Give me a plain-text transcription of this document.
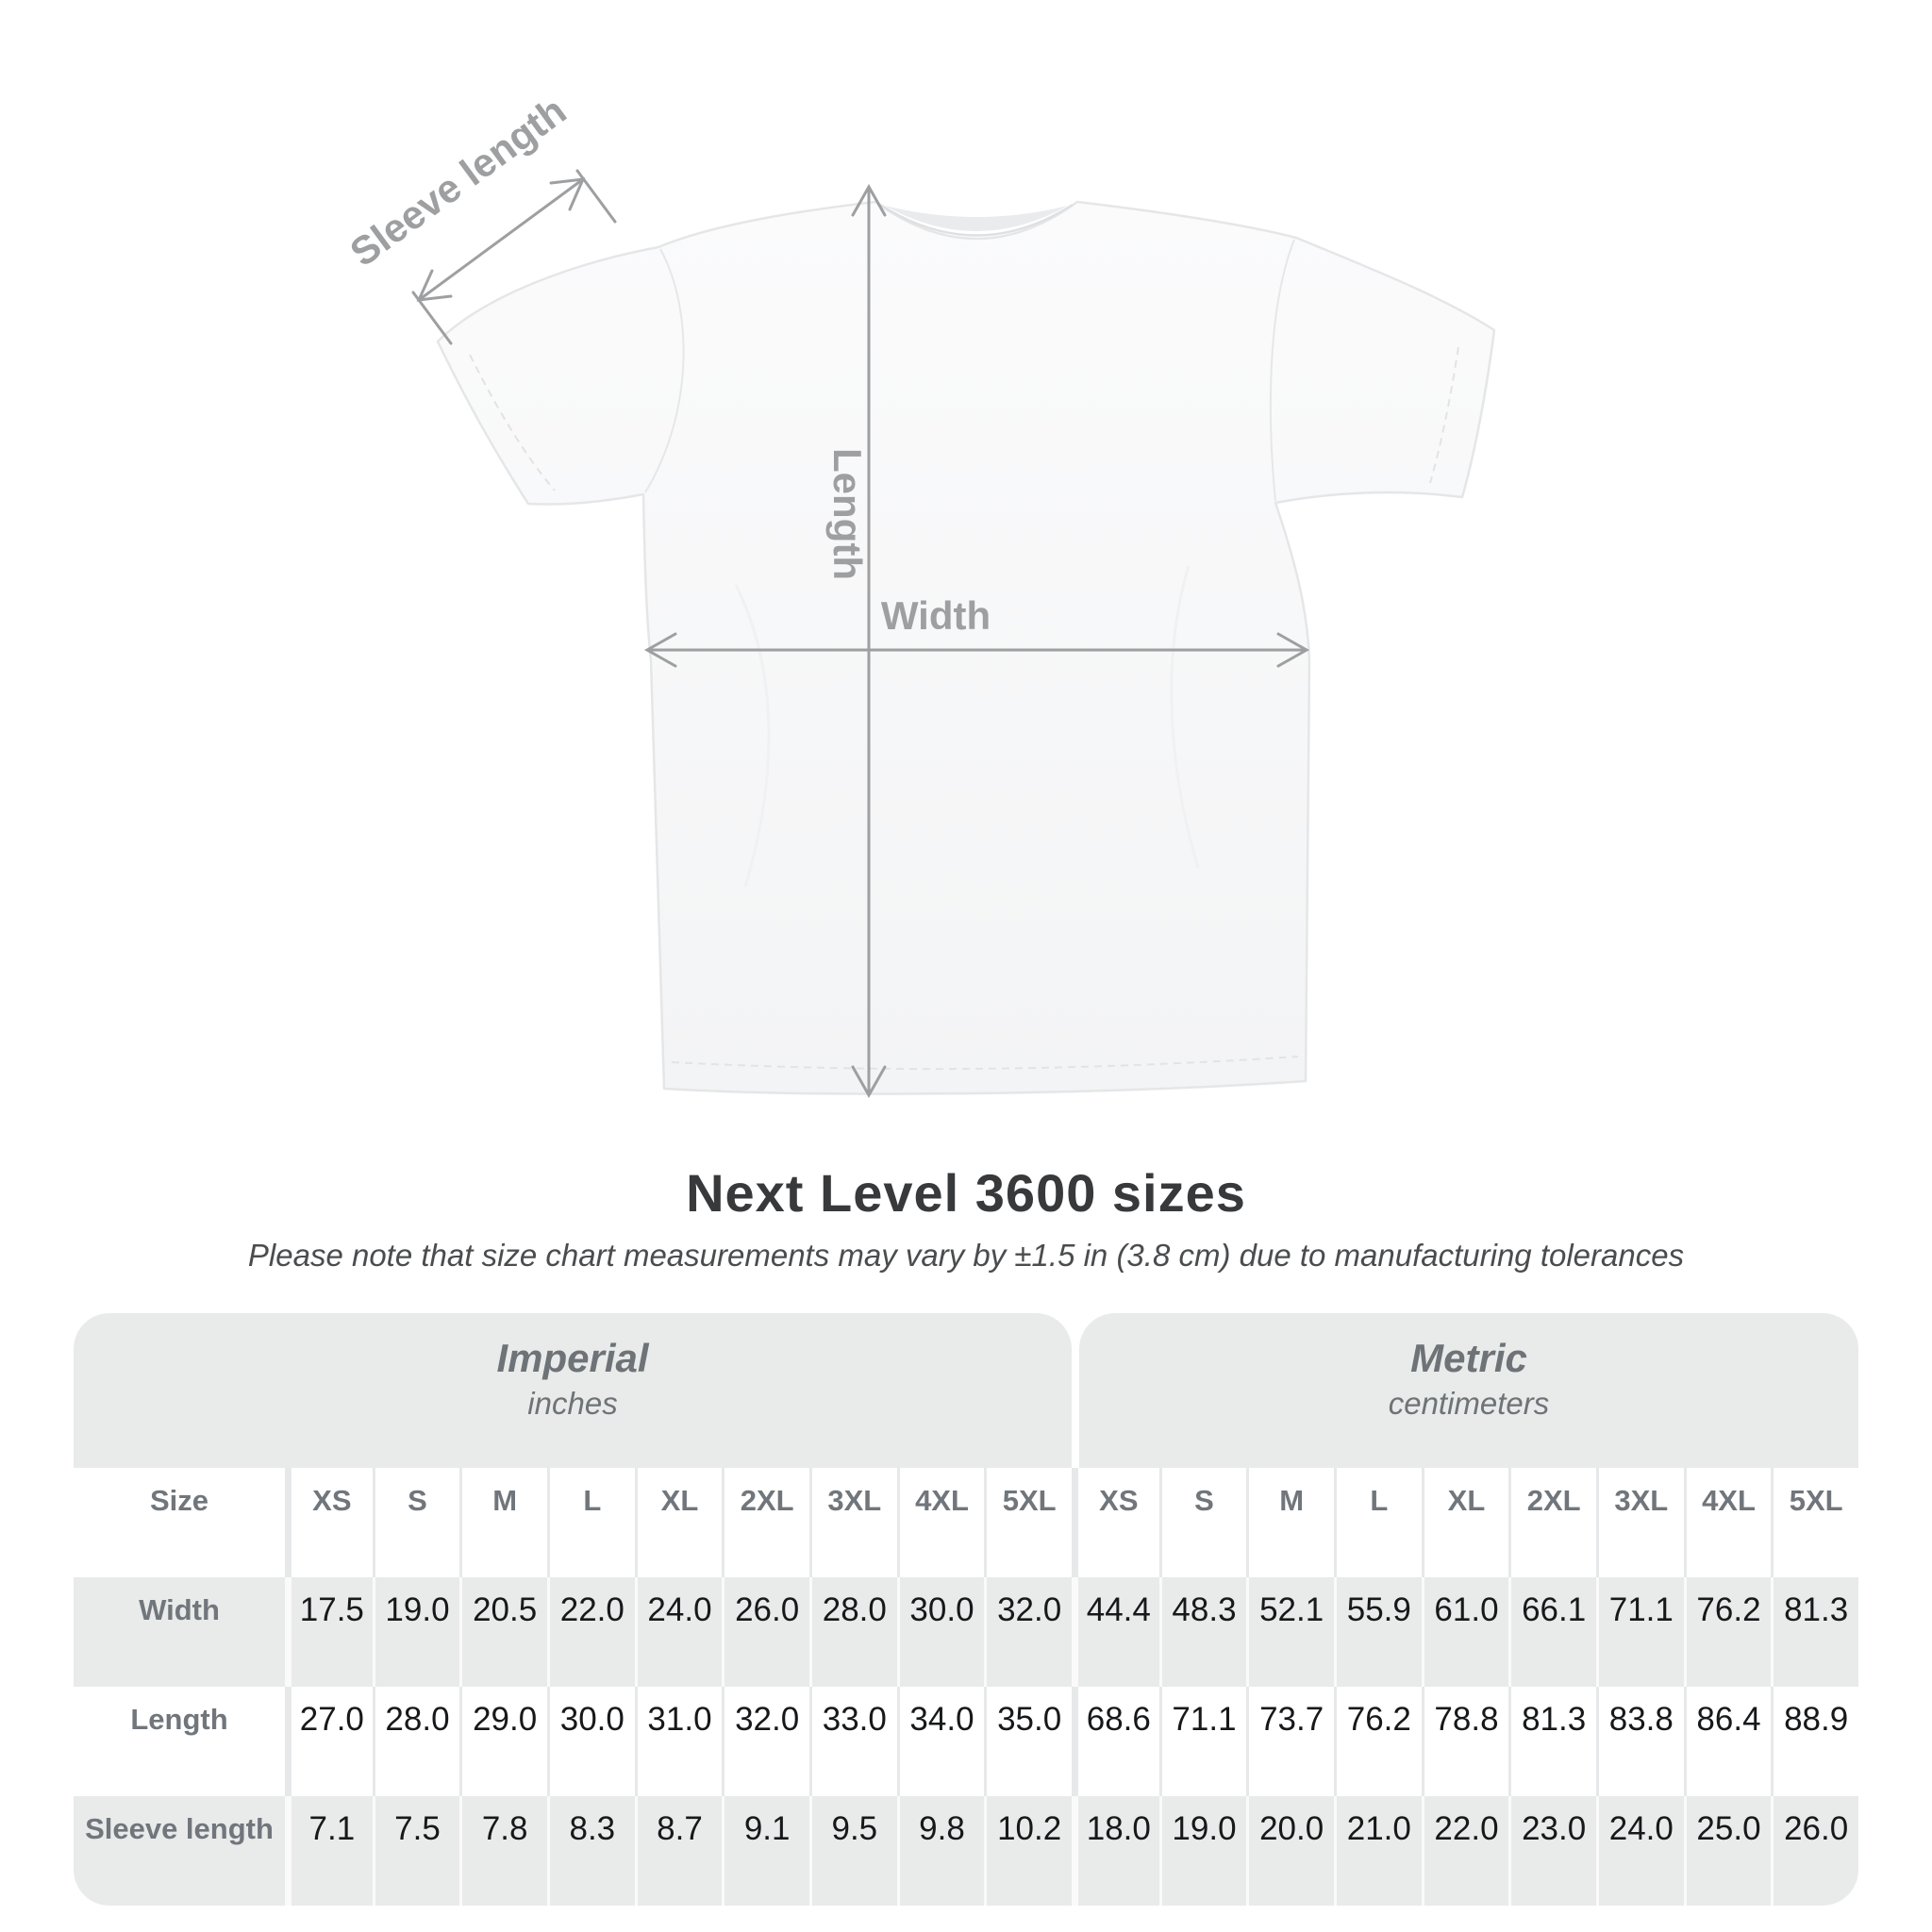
Sleeve length
Length
Width
Next Level 3600 sizes
Please note that size chart measurements may vary by ±1.5 in (3.8 cm) due to manufacturing tolerances
Imperial
inches
Metric
centimeters
Size	XS	S	M	L	XL	2XL	3XL	4XL	5XL	XS	S	M	L	XL	2XL	3XL	4XL	5XL
Width	17.5 19.0 20.5 22.0 24.0 26.0 28.0 30.0 32.0 44.4 48.3 52.1 55.9 61.0 66.1 71.1 76.2 81.3
Length	27.0 28.0 29.0 30.0 31.0 32.0 33.0 34.0 35.0 68.6 71.1 73.7 76.2 78.8 81.3 83.8 86.4 88.9
Sleeve length	7.1	7.5	7.8	8.3	8.7	9.1	9.5	9.8 10.2 18.0 19.0 20.0 21.0 22.0 23.0 24.0 25.0 26.0
